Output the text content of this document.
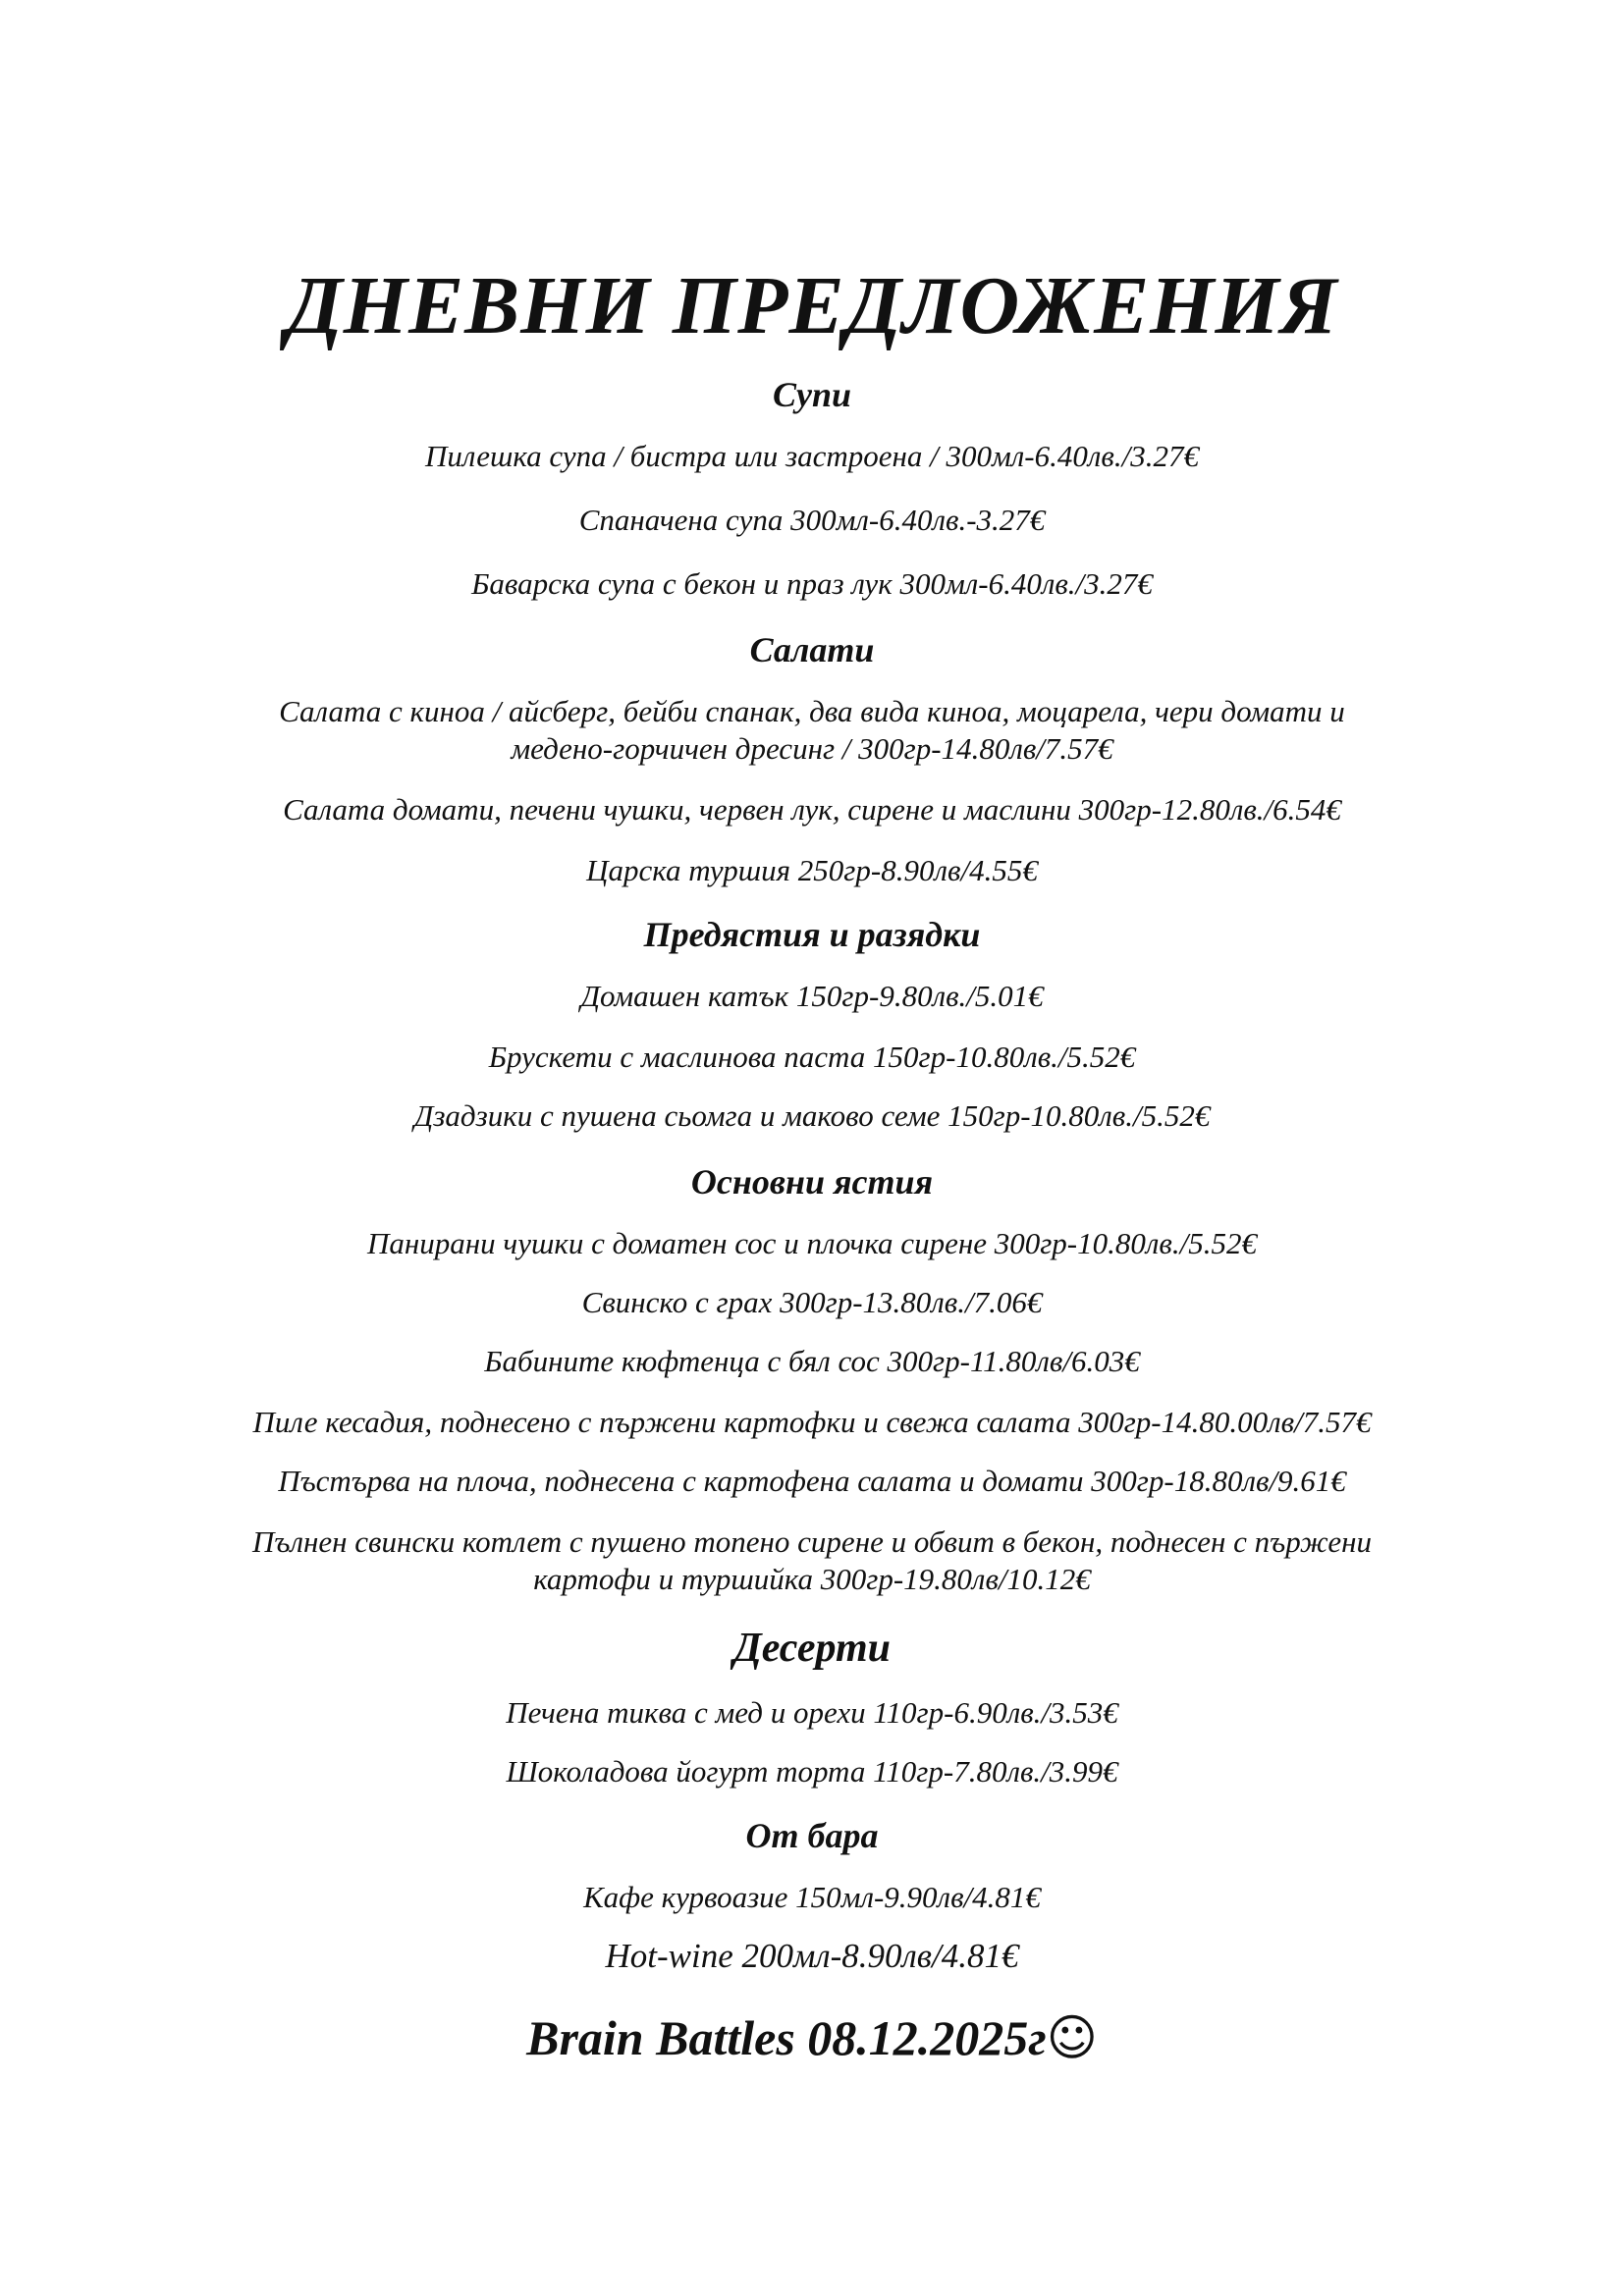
ДНЕВНИ ПРЕДЛОЖЕНИЯ
Супи

Пилешка супа / бистра или застроена / 300мл-6.40лв./3.27€

Спаначена супа 300мл-6.40лв.-3.27€

Баварска супа с бекон и праз лук 300мл-6.40лв./3.27€

Салати

Салата с киноа / айсберг, бейби спанак, два вида киноа, моцарела, чери домати и медено-горчичен дресинг / 300гр-14.80лв/7.57€

Салата домати, печени чушки, червен лук, сирене и маслини 300гр-12.80лв./6.54€

Царска туршия 250гр-8.90лв/4.55€

Предястия и разядки

Домашен катък 150гр-9.80лв./5.01€

Брускети с маслинова паста 150гр-10.80лв./5.52€

Дзадзики с пушена сьомга и маково семе 150гр-10.80лв./5.52€

Основни ястия

Панирани чушки с доматен сос и плочка сирене 300гр-10.80лв./5.52€

Свинско с грах 300гр-13.80лв./7.06€

Бабините кюфтенца с бял сос 300гр-11.80лв/6.03€

Пиле кесадия, поднесено с пържени картофки и свежа салата 300гр-14.80.00лв/7.57€

Пъстърва на плоча, поднесена с картофена салата и домати 300гр-18.80лв/9.61€

Пълнен свински котлет с пушено топено сирене и обвит в бекон, поднесен с пържени картофи и туршийка 300гр-19.80лв/10.12€

Десерти

Печена тиква с мед и орехи 110гр-6.90лв./3.53€

Шоколадова йогурт торта 110гр-7.80лв./3.99€

От бара

Кафе курвоазие 150мл-9.90лв/4.81€

Hot-wine 200мл-8.90лв/4.81€

Brain Battles 08.12.2025г☺
